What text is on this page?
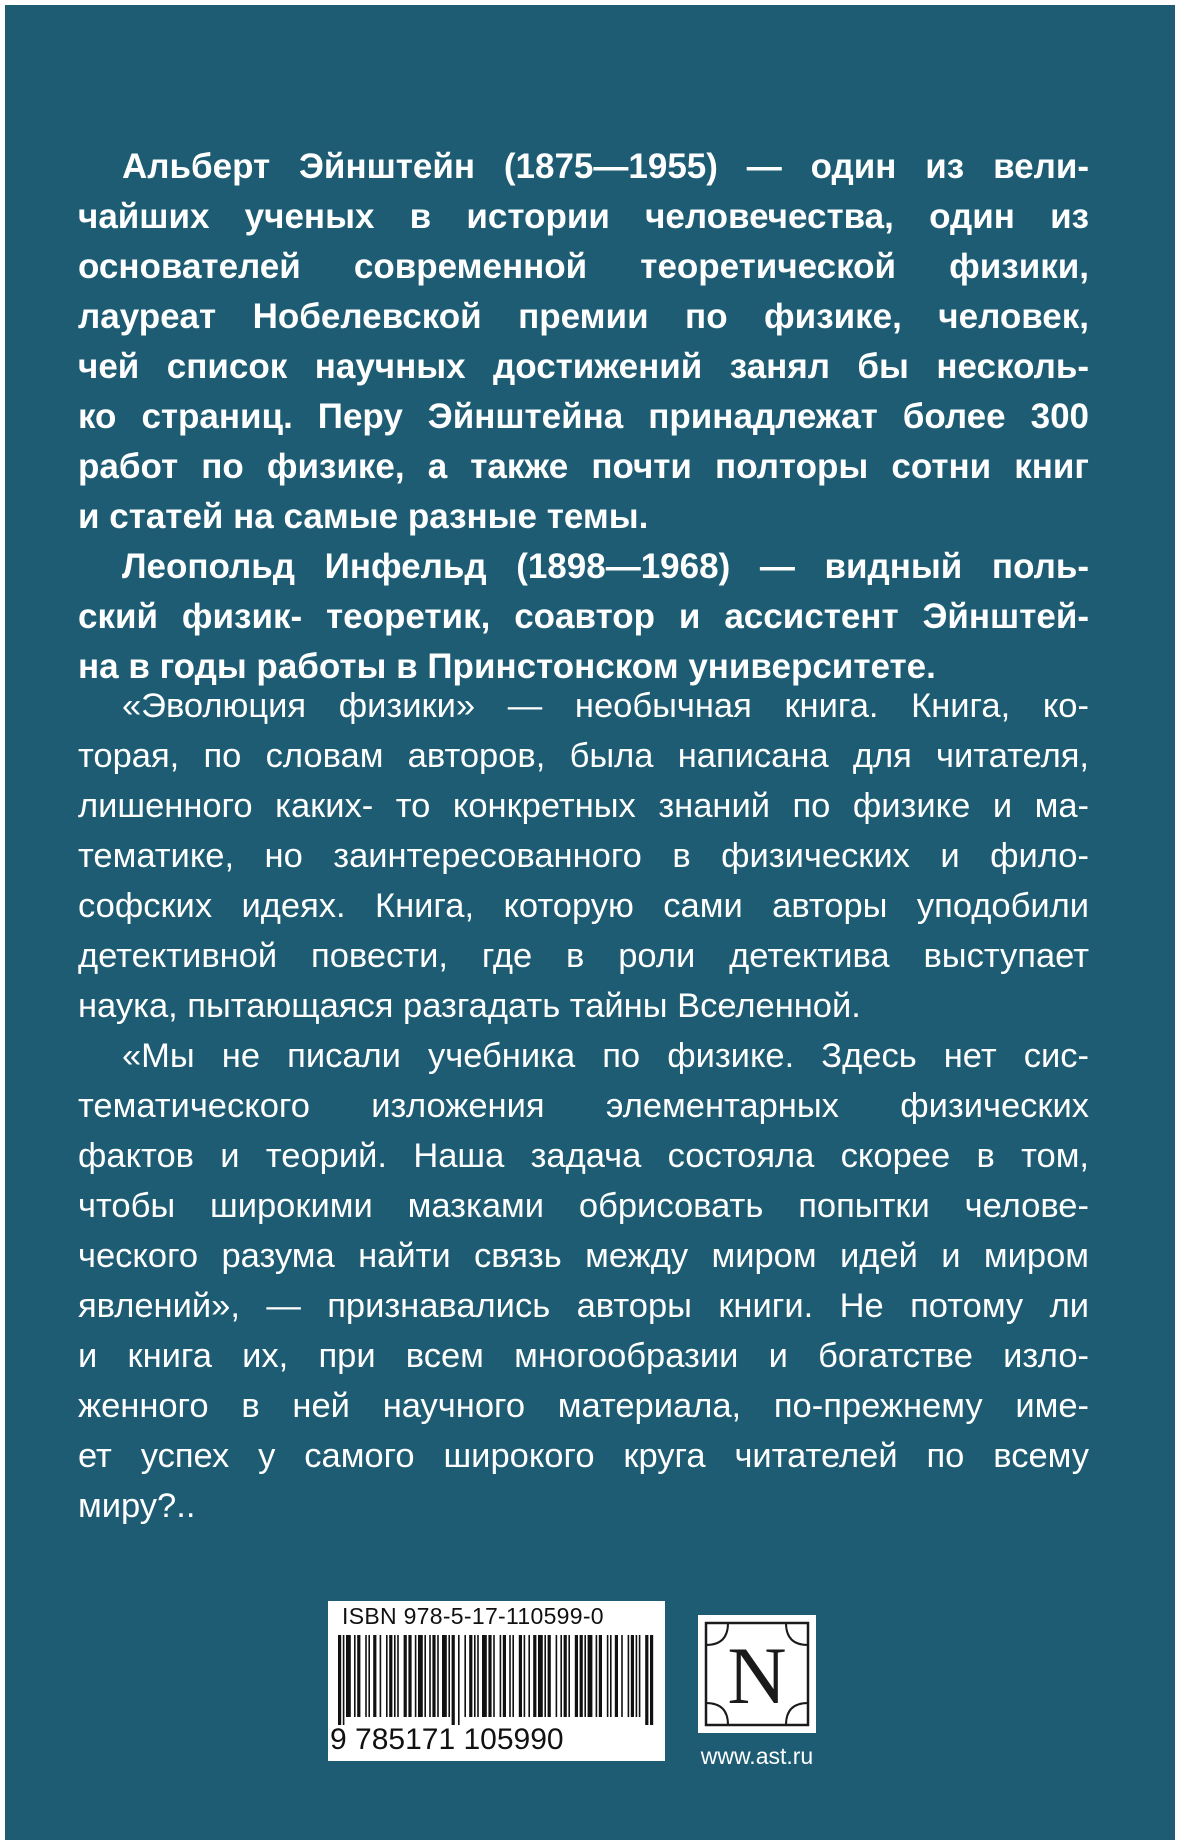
Альберт Эйнштейн (1875—1955) — один из вели-
чайших ученых в истории человечества, один из
основателей современной теоретической физики,
лауреат Нобелевской премии по физике, человек,
чей список научных достижений занял бы несколь-
ко страниц. Перу Эйнштейна принадлежат более 300
работ по физике, а также почти полторы сотни книг
и статей на самые разные темы.
Леопольд Инфельд (1898—1968) — видный поль-
ский физик- теоретик, соавтор и ассистент Эйнштей-
на в годы работы в Принстонском университете.
«Эволюция физики» — необычная книга. Книга, ко-
торая, по словам авторов, была написана для читателя,
лишенного каких- то конкретных знаний по физике и ма-
тематике, но заинтересованного в физических и фило-
софских идеях. Книга, которую сами авторы уподобили
детективной повести, где в роли детектива выступает
наука, пытающаяся разгадать тайны Вселенной.
«Мы не писали учебника по физике. Здесь нет сис-
тематического изложения элементарных физических
фактов и теорий. Наша задача состояла скорее в том,
чтобы широкими мазками обрисовать попытки челове-
ческого разума найти связь между миром идей и миром
явлений», — признавались авторы книги. Не потому ли
и книга их, при всем многообразии и богатстве изло-
женного в ней научного материала, по-прежнему име-
ет успех у самого широкого круга читателей по всему
миру?..
ISBN 978-5-17-110599-0
9 785171 105990
N
www.ast.ru
